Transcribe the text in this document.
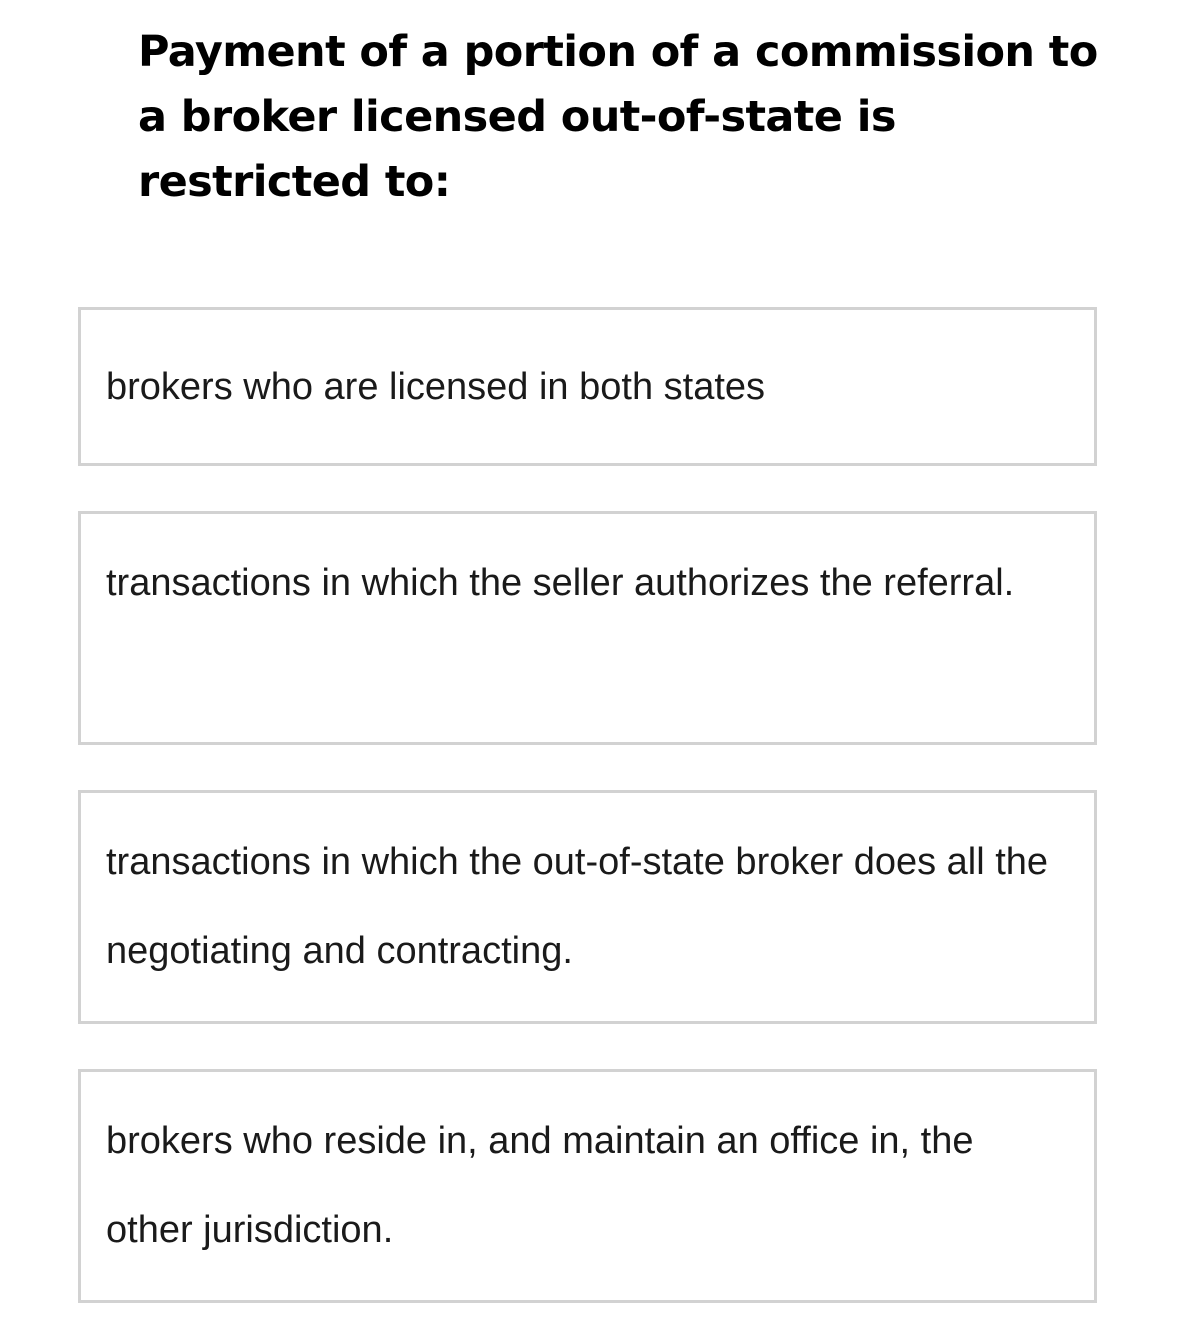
Payment of a portion of a commission to a broker licensed out-of-state is restricted to:

brokers who are licensed in both states

transactions in which the seller authorizes the referral.

transactions in which the out-of-state broker does all the negotiating and contracting.

brokers who reside in, and maintain an office in, the other jurisdiction.
